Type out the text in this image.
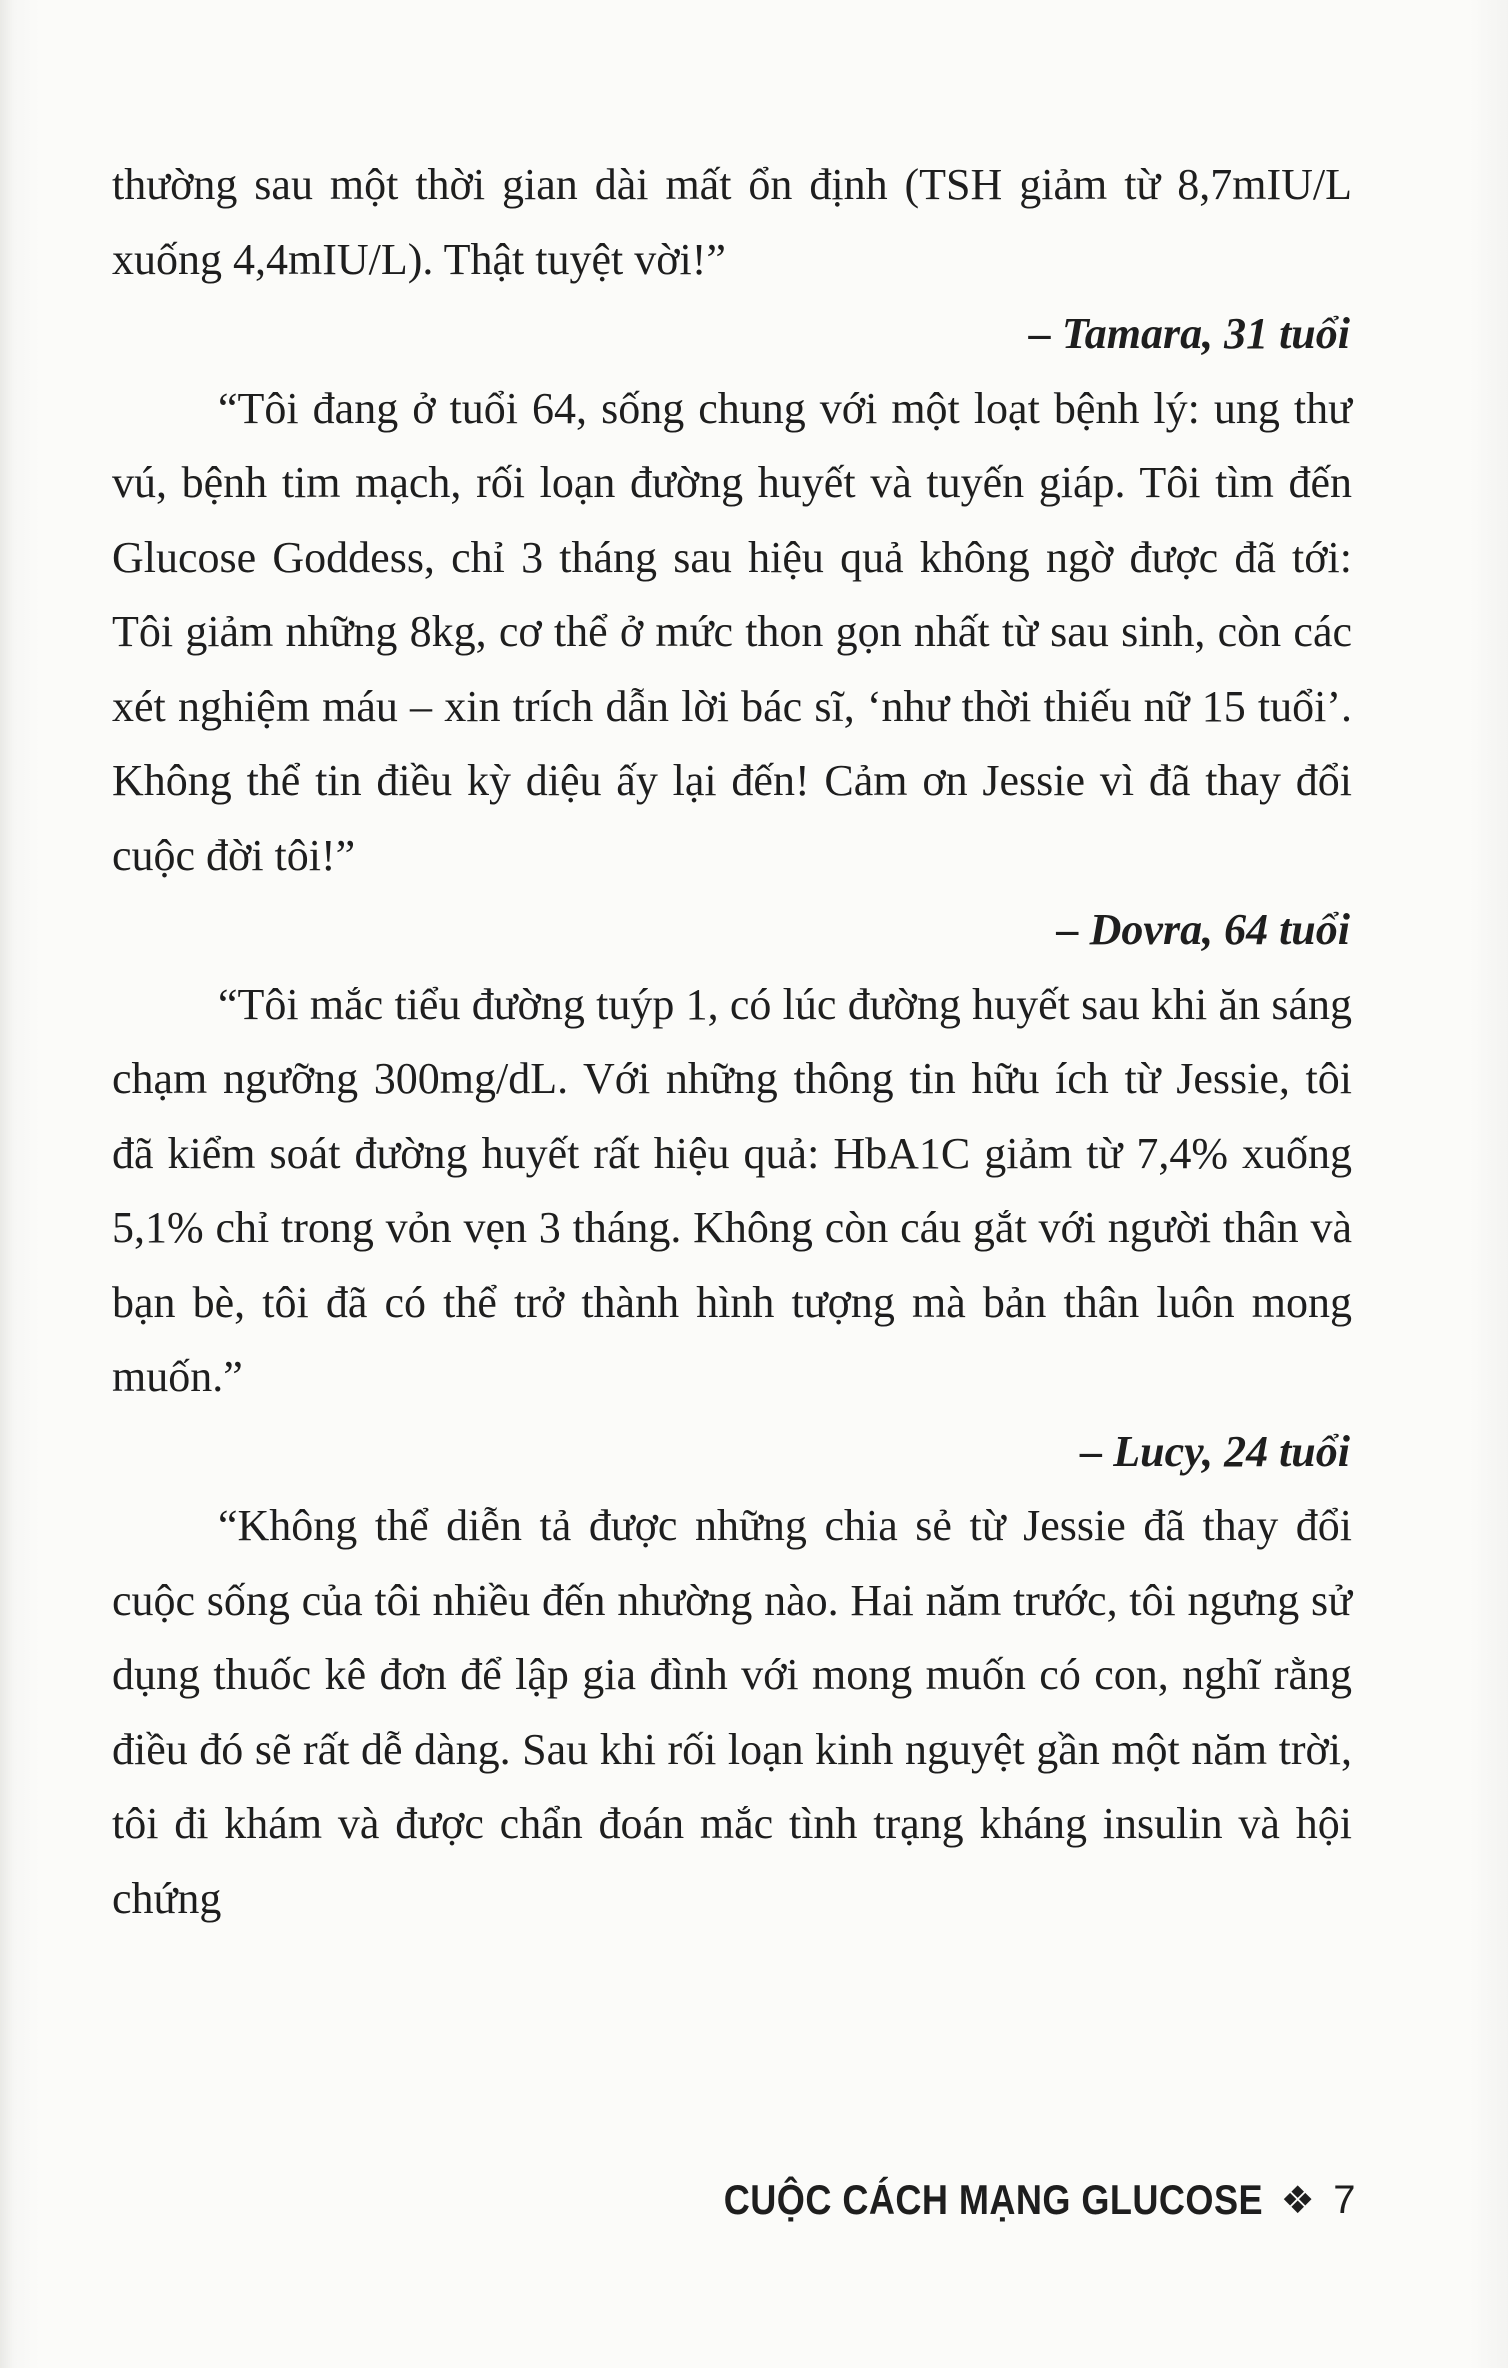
thường sau một thời gian dài mất ổn định (TSH giảm từ 8,7mIU/L xuống 4,4mIU/L). Thật tuyệt vời!”

– Tamara, 31 tuổi

“Tôi đang ở tuổi 64, sống chung với một loạt bệnh lý: ung thư vú, bệnh tim mạch, rối loạn đường huyết và tuyến giáp. Tôi tìm đến Glucose Goddess, chỉ 3 tháng sau hiệu quả không ngờ được đã tới: Tôi giảm những 8kg, cơ thể ở mức thon gọn nhất từ sau sinh, còn các xét nghiệm máu – xin trích dẫn lời bác sĩ, ‘như thời thiếu nữ 15 tuổi’. Không thể tin điều kỳ diệu ấy lại đến! Cảm ơn Jessie vì đã thay đổi cuộc đời tôi!”

– Dovra, 64 tuổi

“Tôi mắc tiểu đường tuýp 1, có lúc đường huyết sau khi ăn sáng chạm ngưỡng 300mg/dL. Với những thông tin hữu ích từ Jessie, tôi đã kiểm soát đường huyết rất hiệu quả: HbA1C giảm từ 7,4% xuống 5,1% chỉ trong vỏn vẹn 3 tháng. Không còn cáu gắt với người thân và bạn bè, tôi đã có thể trở thành hình tượng mà bản thân luôn mong muốn.”

– Lucy, 24 tuổi

“Không thể diễn tả được những chia sẻ từ Jessie đã thay đổi cuộc sống của tôi nhiều đến nhường nào. Hai năm trước, tôi ngưng sử dụng thuốc kê đơn để lập gia đình với mong muốn có con, nghĩ rằng điều đó sẽ rất dễ dàng. Sau khi rối loạn kinh nguyệt gần một năm trời, tôi đi khám và được chẩn đoán mắc tình trạng kháng insulin và hội chứng

CUỘC CÁCH MẠNG GLUCOSE ❖ 7
